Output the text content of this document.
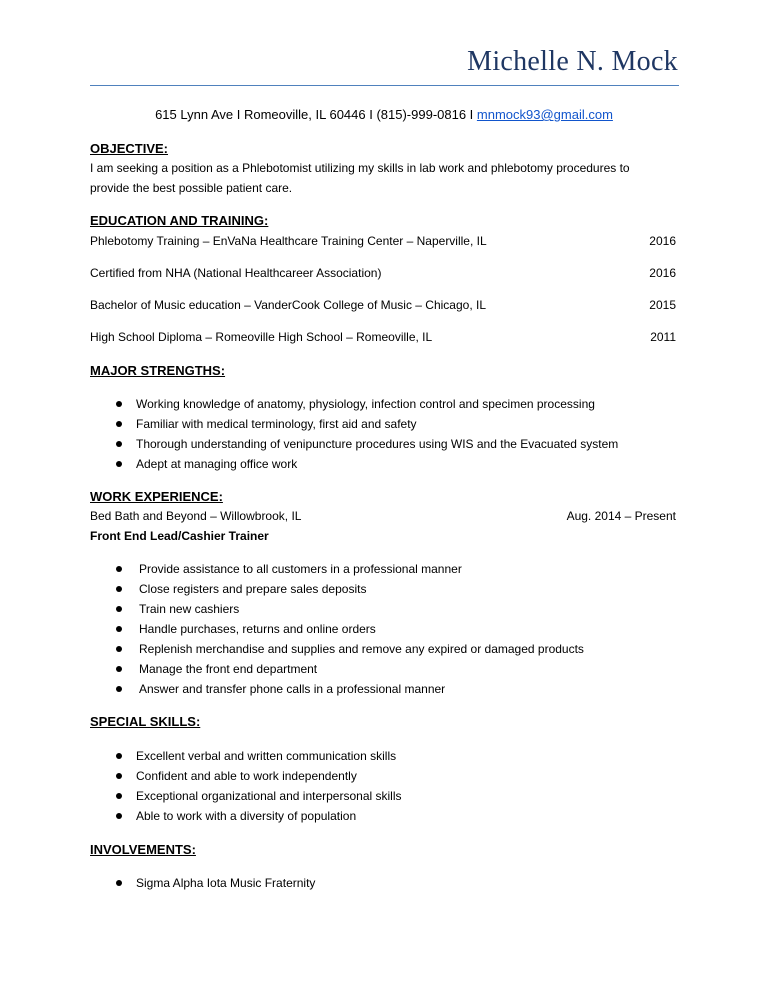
Michelle N. Mock
615 Lynn Ave I Romeoville, IL 60446 I (815)-999-0816 I mnmock93@gmail.com
OBJECTIVE:
I am seeking a position as a Phlebotomist utilizing my skills in lab work and phlebotomy procedures to
provide the best possible patient care.
EDUCATION AND TRAINING:
Phlebotomy Training – EnVaNa Healthcare Training Center – Naperville, IL	2016
Certified from NHA (National Healthcareer Association)	2016
Bachelor of Music education – VanderCook College of Music – Chicago, IL	2015
High School Diploma – Romeoville High School – Romeoville, IL	2011
MAJOR STRENGTHS:
Working knowledge of anatomy, physiology, infection control and specimen processing
Familiar with medical terminology, first aid and safety
Thorough understanding of venipuncture procedures using WIS and the Evacuated system
Adept at managing office work
WORK EXPERIENCE:
Bed Bath and Beyond – Willowbrook, IL	Aug. 2014 – Present
Front End Lead/Cashier Trainer
Provide assistance to all customers in a professional manner
Close registers and prepare sales deposits
Train new cashiers
Handle purchases, returns and online orders
Replenish merchandise and supplies and remove any expired or damaged products
Manage the front end department
Answer and transfer phone calls in a professional manner
SPECIAL SKILLS:
Excellent verbal and written communication skills
Confident and able to work independently
Exceptional organizational and interpersonal skills
Able to work with a diversity of population
INVOLVEMENTS:
Sigma Alpha Iota Music Fraternity
